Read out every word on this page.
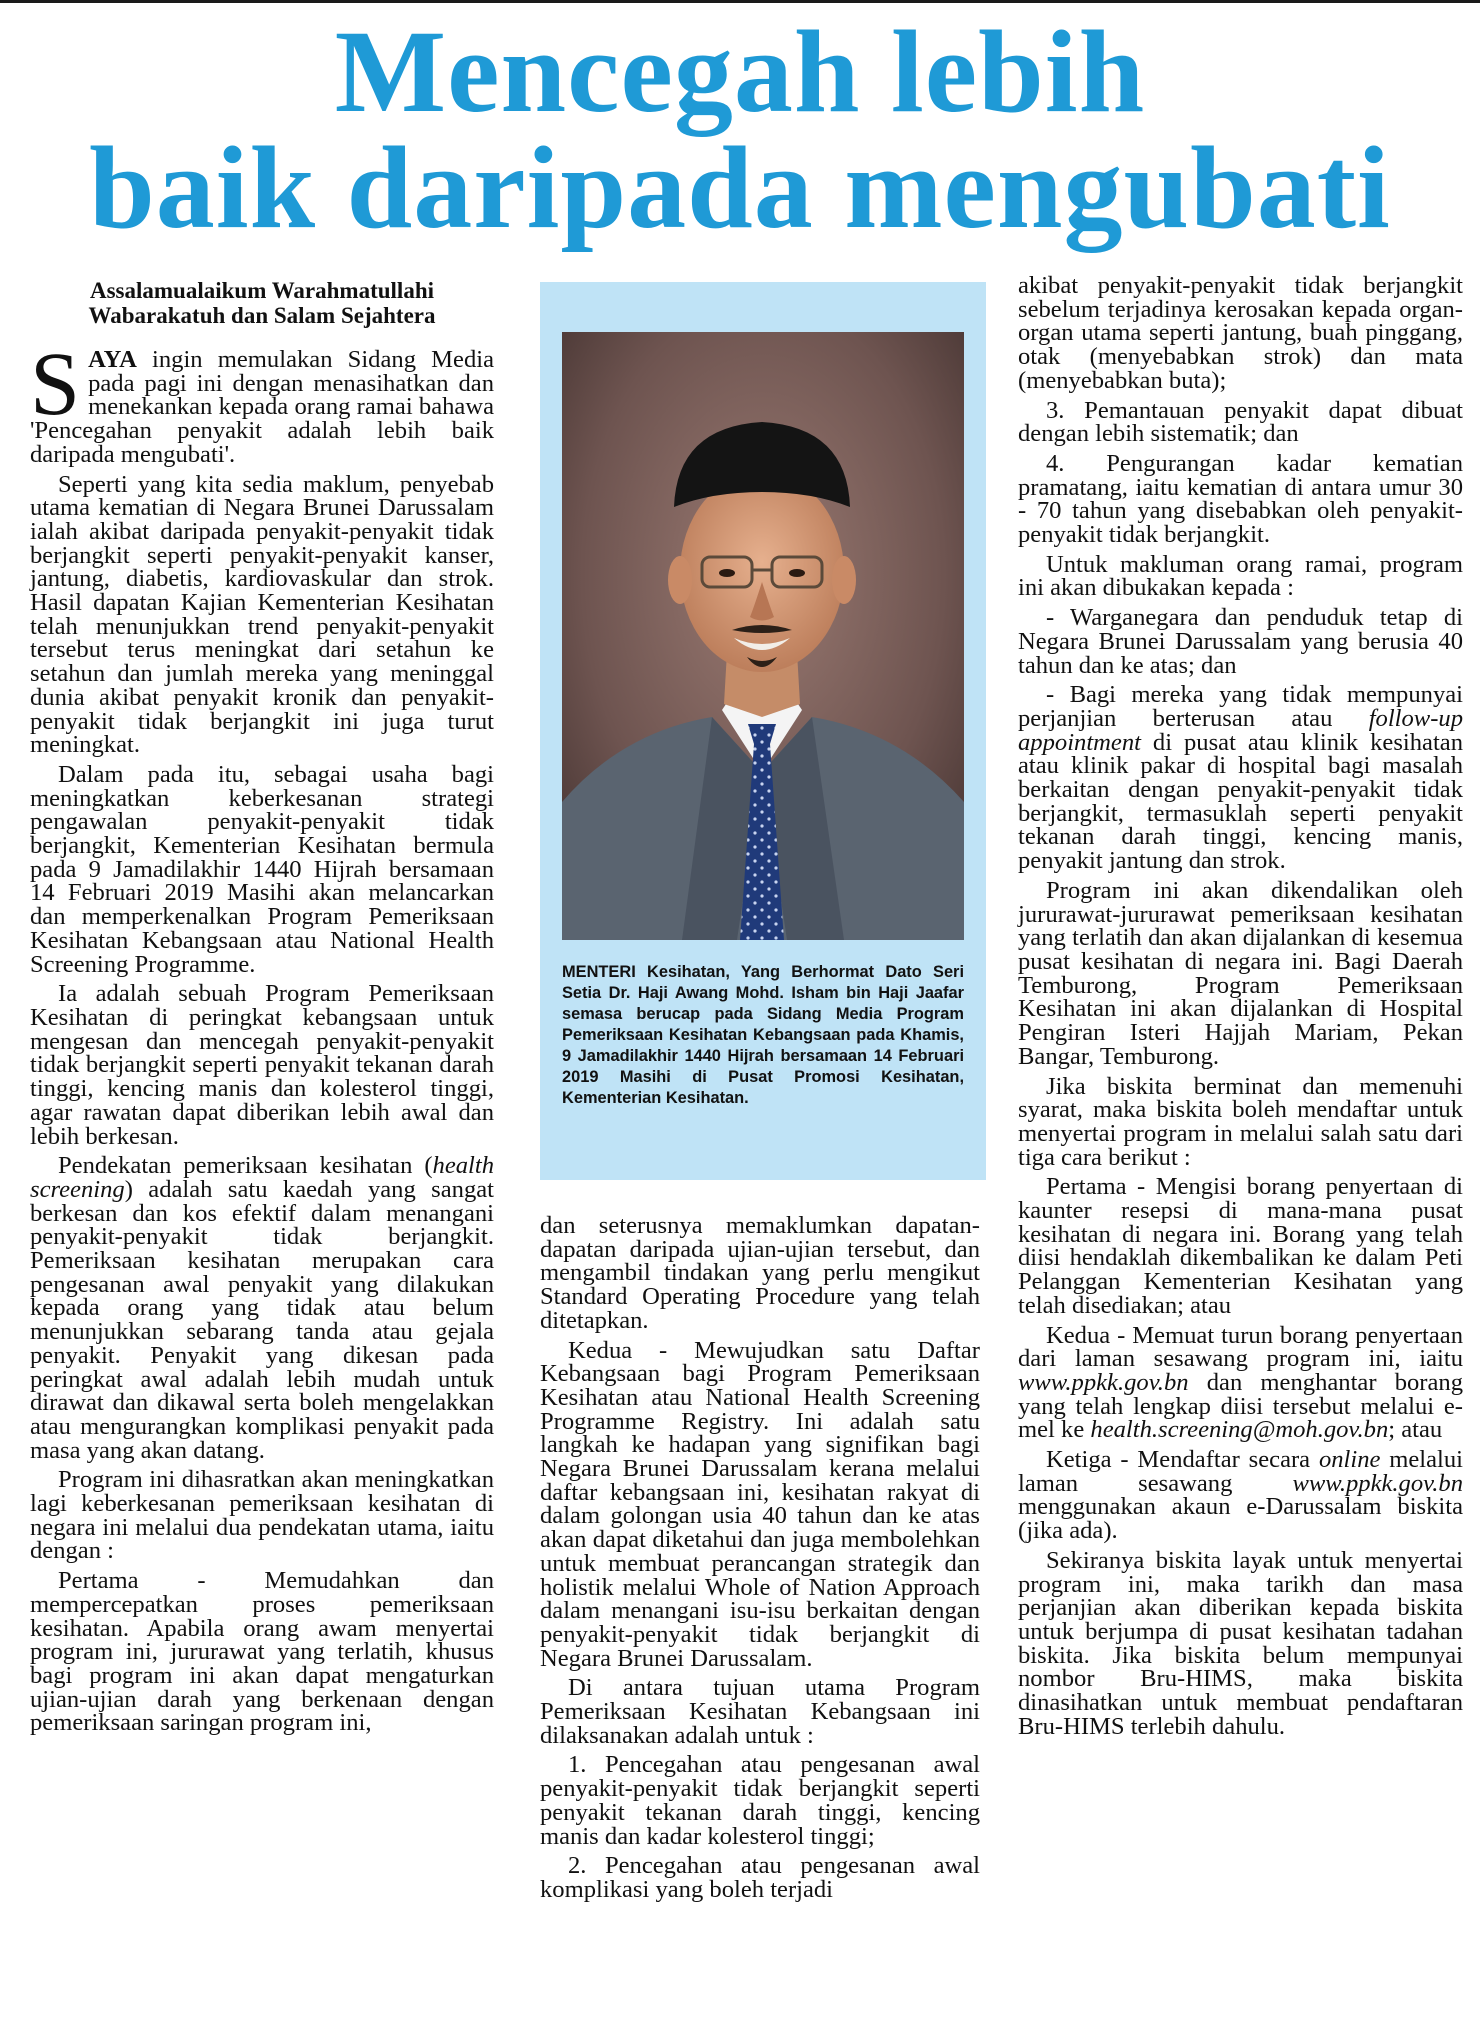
Mencegah lebih
baik daripada mengubati
Assalamualaikum Warahmatullahi
Wabarakatuh dan Salam Sejahtera

SAYA ingin memulakan Sidang Media pada pagi ini dengan menasihatkan dan menekankan kepada orang ramai bahawa 'Pencegahan penyakit adalah lebih baik daripada mengubati'.

Seperti yang kita sedia maklum, penyebab utama kematian di Negara Brunei Darussalam ialah akibat daripada penyakit-penyakit tidak berjangkit seperti penyakit-penyakit kanser, jantung, diabetis, kardiovaskular dan strok. Hasil dapatan Kajian Kementerian Kesihatan telah menunjukkan trend penyakit-penyakit tersebut terus meningkat dari setahun ke setahun dan jumlah mereka yang meninggal dunia akibat penyakit kronik dan penyakit-penyakit tidak berjangkit ini juga turut meningkat.

Dalam pada itu, sebagai usaha bagi meningkatkan keberkesanan strategi pengawalan penyakit-penyakit tidak berjangkit, Kementerian Kesihatan bermula pada 9 Jamadilakhir 1440 Hijrah bersamaan 14 Februari 2019 Masihi akan melancarkan dan memperkenalkan Program Pemeriksaan Kesihatan Kebangsaan atau National Health Screening Programme.

Ia adalah sebuah Program Pemeriksaan Kesihatan di peringkat kebangsaan untuk mengesan dan mencegah penyakit-penyakit tidak berjangkit seperti penyakit tekanan darah tinggi, kencing manis dan kolesterol tinggi, agar rawatan dapat diberikan lebih awal dan lebih berkesan.

Pendekatan pemeriksaan kesihatan (health screening) adalah satu kaedah yang sangat berkesan dan kos efektif dalam menangani penyakit-penyakit tidak berjangkit. Pemeriksaan kesihatan merupakan cara pengesanan awal penyakit yang dilakukan kepada orang yang tidak atau belum menunjukkan sebarang tanda atau gejala penyakit. Penyakit yang dikesan pada peringkat awal adalah lebih mudah untuk dirawat dan dikawal serta boleh mengelakkan atau mengurangkan komplikasi penyakit pada masa yang akan datang.

Program ini dihasratkan akan meningkatkan lagi keberkesanan pemeriksaan kesihatan di negara ini melalui dua pendekatan utama, iaitu dengan :

Pertama - Memudahkan dan mempercepatkan proses pemeriksaan kesihatan. Apabila orang awam menyertai program ini, jururawat yang terlatih, khusus bagi program ini akan dapat mengaturkan ujian-ujian darah yang berkenaan dengan pemeriksaan saringan program ini,

MENTERI Kesihatan, Yang Berhormat Dato Seri Setia Dr. Haji Awang Mohd. Isham bin Haji Jaafar semasa berucap pada Sidang Media Program Pemeriksaan Kesihatan Kebangsaan pada Khamis, 9 Jamadilakhir 1440 Hijrah bersamaan 14 Februari 2019 Masihi di Pusat Promosi Kesihatan, Kementerian Kesihatan.

dan seterusnya memaklumkan dapatan-dapatan daripada ujian-ujian tersebut, dan mengambil tindakan yang perlu mengikut Standard Operating Procedure yang telah ditetapkan.

Kedua - Mewujudkan satu Daftar Kebangsaan bagi Program Pemeriksaan Kesihatan atau National Health Screening Programme Registry. Ini adalah satu langkah ke hadapan yang signifikan bagi Negara Brunei Darussalam kerana melalui daftar kebangsaan ini, kesihatan rakyat di dalam golongan usia 40 tahun dan ke atas akan dapat diketahui dan juga membolehkan untuk membuat perancangan strategik dan holistik melalui Whole of Nation Approach dalam menangani isu-isu berkaitan dengan penyakit-penyakit tidak berjangkit di Negara Brunei Darussalam.

Di antara tujuan utama Program Pemeriksaan Kesihatan Kebangsaan ini dilaksanakan adalah untuk :

1. Pencegahan atau pengesanan awal penyakit-penyakit tidak berjangkit seperti penyakit tekanan darah tinggi, kencing manis dan kadar kolesterol tinggi;

2. Pencegahan atau pengesanan awal komplikasi yang boleh terjadi

akibat penyakit-penyakit tidak berjangkit sebelum terjadinya kerosakan kepada organ-organ utama seperti jantung, buah pinggang, otak (menyebabkan strok) dan mata (menyebabkan buta);

3. Pemantauan penyakit dapat dibuat dengan lebih sistematik; dan

4. Pengurangan kadar kematian pramatang, iaitu kematian di antara umur 30 - 70 tahun yang disebabkan oleh penyakit-penyakit tidak berjangkit.

Untuk makluman orang ramai, program ini akan dibukakan kepada :

- Warganegara dan penduduk tetap di Negara Brunei Darussalam yang berusia 40 tahun dan ke atas; dan

- Bagi mereka yang tidak mempunyai perjanjian berterusan atau follow-up appointment di pusat atau klinik kesihatan atau klinik pakar di hospital bagi masalah berkaitan dengan penyakit-penyakit tidak berjangkit, termasuklah seperti penyakit tekanan darah tinggi, kencing manis, penyakit jantung dan strok.

Program ini akan dikendalikan oleh jururawat-jururawat pemeriksaan kesihatan yang terlatih dan akan dijalankan di kesemua pusat kesihatan di negara ini. Bagi Daerah Temburong, Program Pemeriksaan Kesihatan ini akan dijalankan di Hospital Pengiran Isteri Hajjah Mariam, Pekan Bangar, Temburong.

Jika biskita berminat dan memenuhi syarat, maka biskita boleh mendaftar untuk menyertai program in melalui salah satu dari tiga cara berikut :

Pertama - Mengisi borang penyertaan di kaunter resepsi di mana-mana pusat kesihatan di negara ini. Borang yang telah diisi hendaklah dikembalikan ke dalam Peti Pelanggan Kementerian Kesihatan yang telah disediakan; atau

Kedua - Memuat turun borang penyertaan dari laman sesawang program ini, iaitu www.ppkk.gov.bn dan menghantar borang yang telah lengkap diisi tersebut melalui e-mel ke health.screening@moh.gov.bn; atau

Ketiga - Mendaftar secara online melalui laman sesawang www.ppkk.gov.bn menggunakan akaun e-Darussalam biskita (jika ada).

Sekiranya biskita layak untuk menyertai program ini, maka tarikh dan masa perjanjian akan diberikan kepada biskita untuk berjumpa di pusat kesihatan tadahan biskita. Jika biskita belum mempunyai nombor Bru-HIMS, maka biskita dinasihatkan untuk membuat pendaftaran Bru-HIMS terlebih dahulu.
